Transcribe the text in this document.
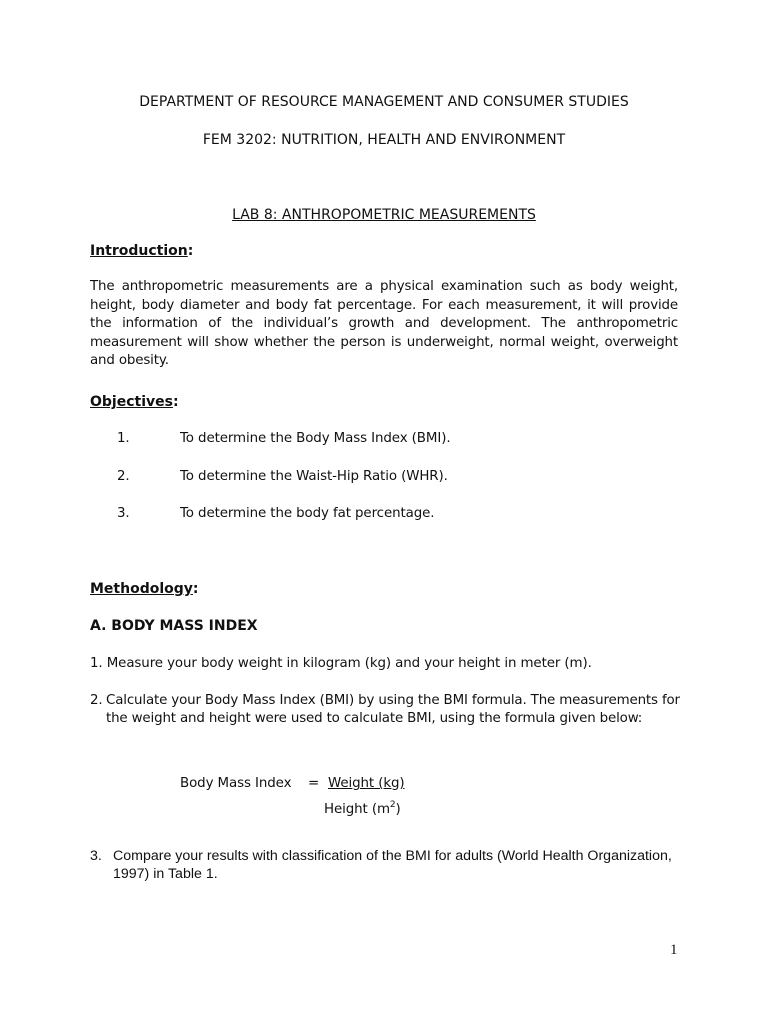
DEPARTMENT OF RESOURCE MANAGEMENT AND CONSUMER STUDIES
FEM 3202: NUTRITION, HEALTH AND ENVIRONMENT
LAB 8: ANTHROPOMETRIC MEASUREMENTS
Introduction:
The anthropometric measurements are a physical examination such as body weight, height, body diameter and body fat percentage. For each measurement, it will provide the information of the individual’s growth and development. The anthropometric measurement will show whether the person is underweight, normal weight, overweight and obesity.
Objectives:
1.	To determine the Body Mass Index (BMI).
2.	To determine the Waist-Hip Ratio (WHR).
3.	To determine the body fat percentage.
Methodology:
A. BODY MASS INDEX
1. Measure your body weight in kilogram (kg) and your height in meter (m).
2. Calculate your Body Mass Index (BMI) by using the BMI formula. The measurements for the weight and height were used to calculate BMI, using the formula given below:
Body Mass Index = Weight (kg)
Height $(m^2)$
3. Compare your results with classification of the BMI for adults (World Health Organization, 1997) in Table 1.
1
